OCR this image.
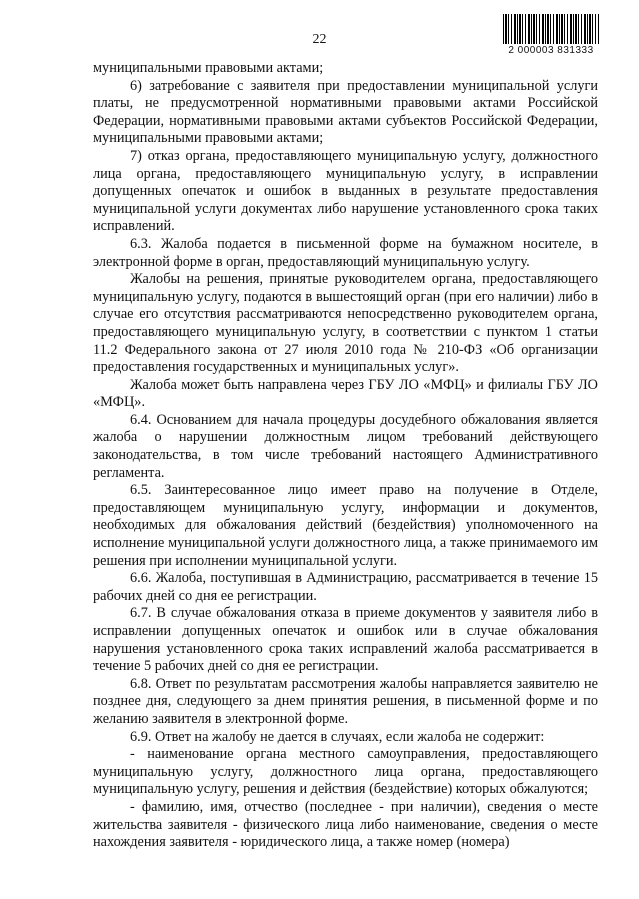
22
2 000003 831333

муниципальными правовыми актами;

6) затребование с заявителя при предоставлении муниципальной услуги платы, не предусмотренной нормативными правовыми актами Российской Федерации, нормативными правовыми актами субъектов Российской Федерации, муниципальными правовыми актами;

7) отказ органа, предоставляющего муниципальную услугу, должностного лица органа, предоставляющего муниципальную услугу, в исправлении допущенных опечаток и ошибок в выданных в результате предоставления муниципальной услуги документах либо нарушение установленного срока таких исправлений.

6.3. Жалоба подается в письменной форме на бумажном носителе, в электронной форме в орган, предоставляющий муниципальную услугу.

Жалобы на решения, принятые руководителем органа, предоставляющего муниципальную услугу, подаются в вышестоящий орган (при его наличии) либо в случае его отсутствия рассматриваются непосредственно руководителем органа, предоставляющего муниципальную услугу, в соответствии с пунктом 1 статьи 11.2 Федерального закона от 27 июля 2010 года № 210-ФЗ «Об организации предоставления государственных и муниципальных услуг».

Жалоба может быть направлена через ГБУ ЛО «МФЦ» и филиалы ГБУ ЛО «МФЦ».

6.4. Основанием для начала процедуры досудебного обжалования является жалоба о нарушении должностным лицом требований действующего законодательства, в том числе требований настоящего Административного регламента.

6.5. Заинтересованное лицо имеет право на получение в Отделе, предоставляющем муниципальную услугу, информации и документов, необходимых для обжалования действий (бездействия) уполномоченного на исполнение муниципальной услуги должностного лица, а также принимаемого им решения при исполнении муниципальной услуги.

6.6. Жалоба, поступившая в Администрацию, рассматривается в течение 15 рабочих дней со дня ее регистрации.

6.7. В случае обжалования отказа в приеме документов у заявителя либо в исправлении допущенных опечаток и ошибок или в случае обжалования нарушения установленного срока таких исправлений жалоба рассматривается в течение 5 рабочих дней со дня ее регистрации.

6.8. Ответ по результатам рассмотрения жалобы направляется заявителю не позднее дня, следующего за днем принятия решения, в письменной форме и по желанию заявителя в электронной форме.

6.9. Ответ на жалобу не дается в случаях, если жалоба не содержит:

- наименование органа местного самоуправления, предоставляющего муниципальную услугу, должностного лица органа, предоставляющего муниципальную услугу, решения и действия (бездействие) которых обжалуются;

- фамилию, имя, отчество (последнее - при наличии), сведения о месте жительства заявителя - физического лица либо наименование, сведения о месте нахождения заявителя - юридического лица, а также номер (номера)
